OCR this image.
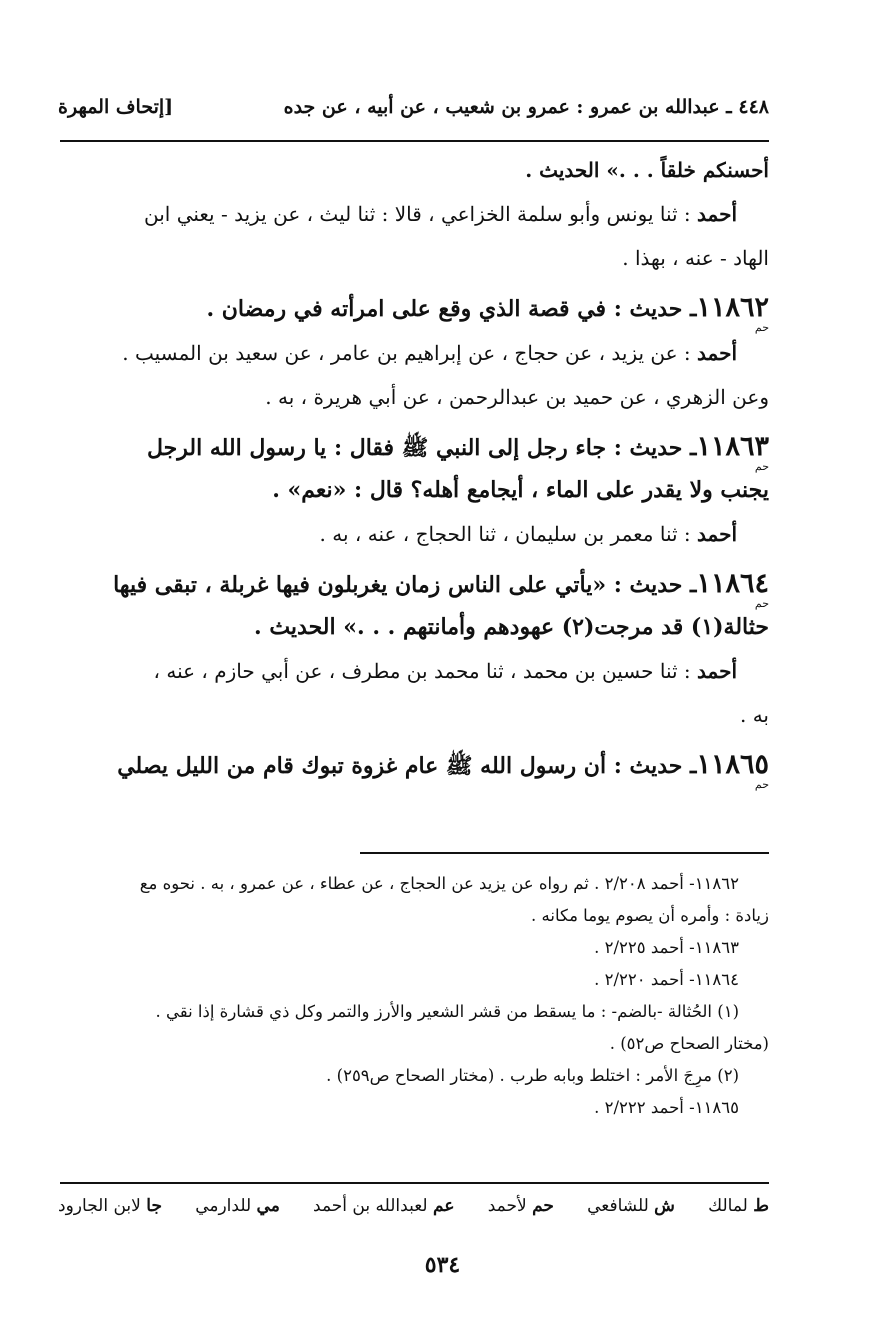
٤٤٨ ـ عبدالله بن عمرو : عمرو بن شعيب ، عن أبيه ، عن جده
[إتحاف المهرة
أحسنكم خلقاً . . .» الحديث .
أحمد : ثنا يونس وأبو سلمة الخزاعي ، قالا : ثنا ليث ، عن يزيد - يعني ابن
الهاد - عنه ، بهذا .
١١٨٦٢ـ حديث : في قصة الذي وقع على امرأته في رمضان .
حم
أحمد : عن يزيد ، عن حجاج ، عن إبراهيم بن عامر ، عن سعيد بن المسيب .
وعن الزهري ، عن حميد بن عبدالرحمن ، عن أبي هريرة ، به .
١١٨٦٣ـ حديث : جاء رجل إلى النبي ﷺ فقال : يا رسول الله الرجل
حم
يجنب ولا يقدر على الماء ، أيجامع أهله؟ قال : «نعم» .
أحمد : ثنا معمر بن سليمان ، ثنا الحجاج ، عنه ، به .
١١٨٦٤ـ حديث : «يأتي على الناس زمان يغربلون فيها غربلة ، تبقى فيها
حم
حثالة(١) قد مرجت(٢) عهودهم وأمانتهم . . .» الحديث .
أحمد : ثنا حسين بن محمد ، ثنا محمد بن مطرف ، عن أبي حازم ، عنه ،
به .
١١٨٦٥ـ حديث : أن رسول الله ﷺ عام غزوة تبوك قام من الليل يصلي
حم
١١٨٦٢- أحمد ٢/٢٠٨ . ثم رواه عن يزيد عن الحجاج ، عن عطاء ، عن عمرو ، به . نحوه مع
زيادة : وأمره أن يصوم يوما مكانه .
١١٨٦٣- أحمد ٢/٢٢٥ .
١١٨٦٤- أحمد ٢/٢٢٠ .
(١) الحُثالة -بالضم- : ما يسقط من قشر الشعير والأرز والتمر وكل ذي قشارة إذا نقي .
(مختار الصحاح ص٥٢) .
(٢) مرِجَ الأمر : اختلط وبابه طرب . (مختار الصحاح ص٢٥٩) .
١١٨٦٥- أحمد ٢/٢٢٢ .
ط لمالك
ش للشافعي
حم لأحمد
عم لعبدالله بن أحمد
مي للدارمي
جا لابن الجارود
٥٣٤
